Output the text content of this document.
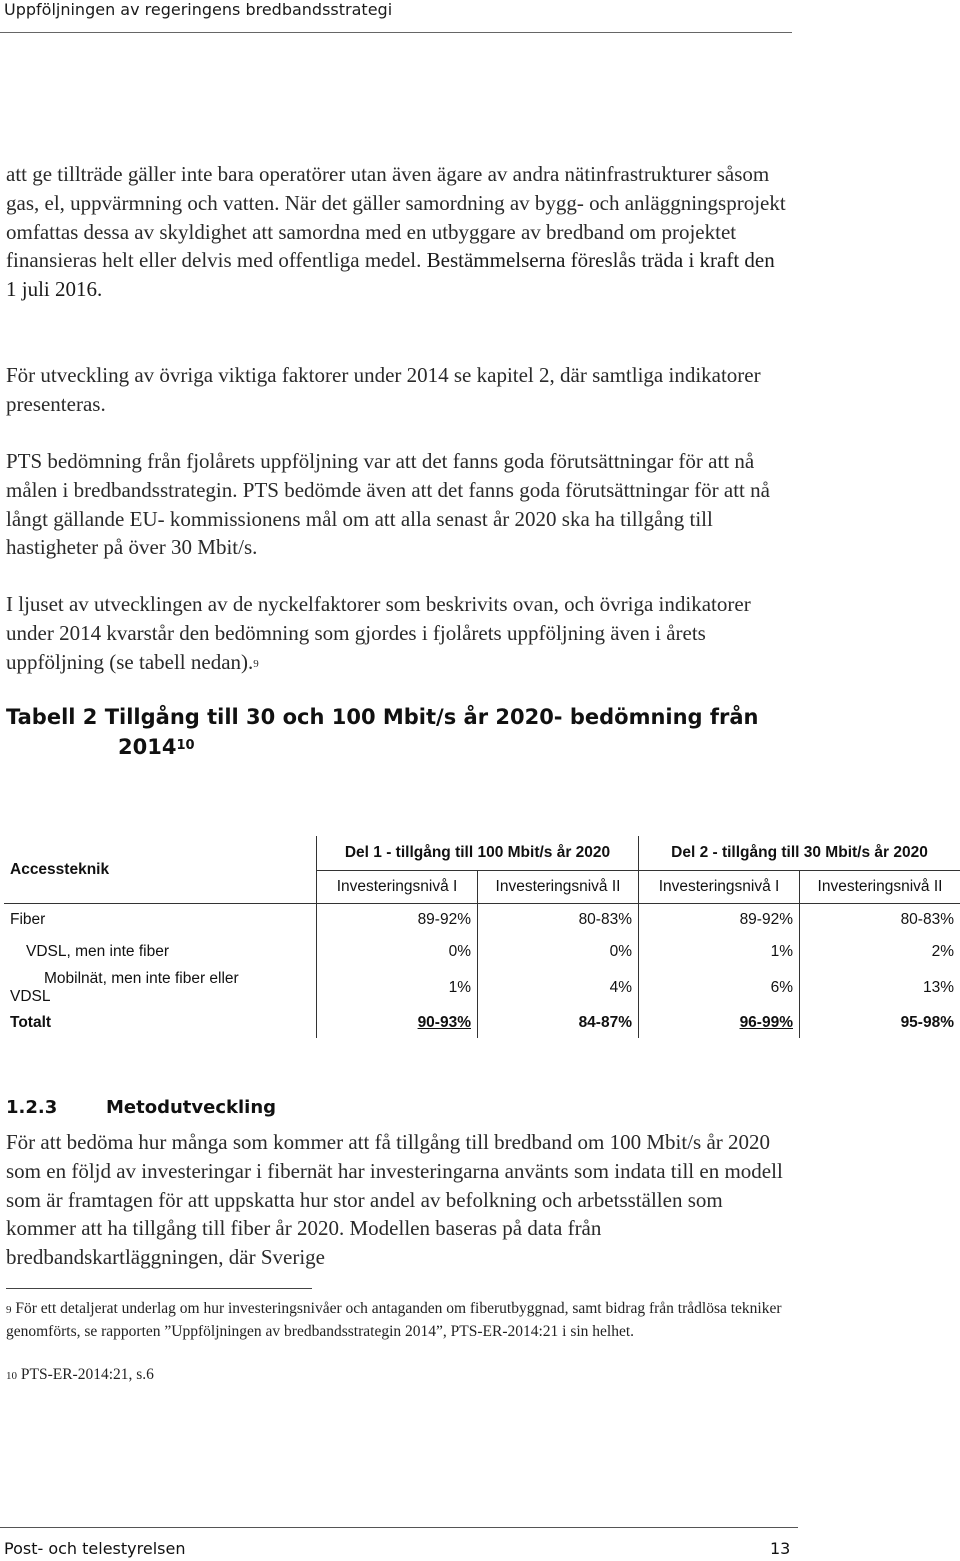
Uppföljningen av regeringens bredbandsstrategi

att ge tillträde gäller inte bara operatörer utan även ägare av andra nätinfrastrukturer såsom gas, el, uppvärmning och vatten. När det gäller samordning av bygg- och anläggningsprojekt omfattas dessa av skyldighet att samordna med en utbyggare av bredband om projektet finansieras helt eller delvis med offentliga medel. Bestämmelserna föreslås träda i kraft den 1 juli 2016.

För utveckling av övriga viktiga faktorer under 2014 se kapitel 2, där samtliga indikatorer presenteras.

PTS bedömning från fjolårets uppföljning var att det fanns goda förutsättningar för att nå målen i bredbandsstrategin. PTS bedömde även att det fanns goda förutsättningar för att nå långt gällande EU- kommissionens mål om att alla senast år 2020 ska ha tillgång till hastigheter på över 30 Mbit/s.

I ljuset av utvecklingen av de nyckelfaktorer som beskrivits ovan, och övriga indikatorer under 2014 kvarstår den bedömning som gjordes i fjolårets uppföljning även i årets uppföljning (se tabell nedan).$^9$

Tabell 2 Tillgång till 30 och 100 Mbit/s år 2020- bedömning från
2014$^{10}$
Accessteknik	Del 1 - tillgång till 100 Mbit/s år 2020		Del 2 - tillgång till 30 Mbit/s år 2020	
	Investeringsnivå I	Investeringsnivå II	Investeringsnivå I	Investeringsnivå II
Fiber	89-92%	80-83%	89-92%	80-83%
VDSL, men inte fiber	0%	0%	1%	2%

Mobilnät, men inte fiber eller
VDSL	1%	4%	6%	13%
Totalt	90-93%	84-87%	96-99%	95-98%
1.2.3	Metodutveckling

För att bedöma hur många som kommer att få tillgång till bredband om 100 Mbit/s år 2020 som en följd av investeringar i fibernät har investeringarna använts som indata till en modell som är framtagen för att uppskatta hur stor andel av befolkning och arbetsställen som kommer att ha tillgång till fiber år 2020. Modellen baseras på data från bredbandskartläggningen, där Sverige

$^9$ För ett detaljerat underlag om hur investeringsnivåer och antaganden om fiberutbyggnad, samt bidrag från trådlösa tekniker genomförts, se rapporten ”Uppföljningen av bredbandsstrategin 2014”, PTS-ER-2014:21 i sin helhet.

$^{10}$ PTS-ER-2014:21, s.6

Post- och telestyrelsen	13
